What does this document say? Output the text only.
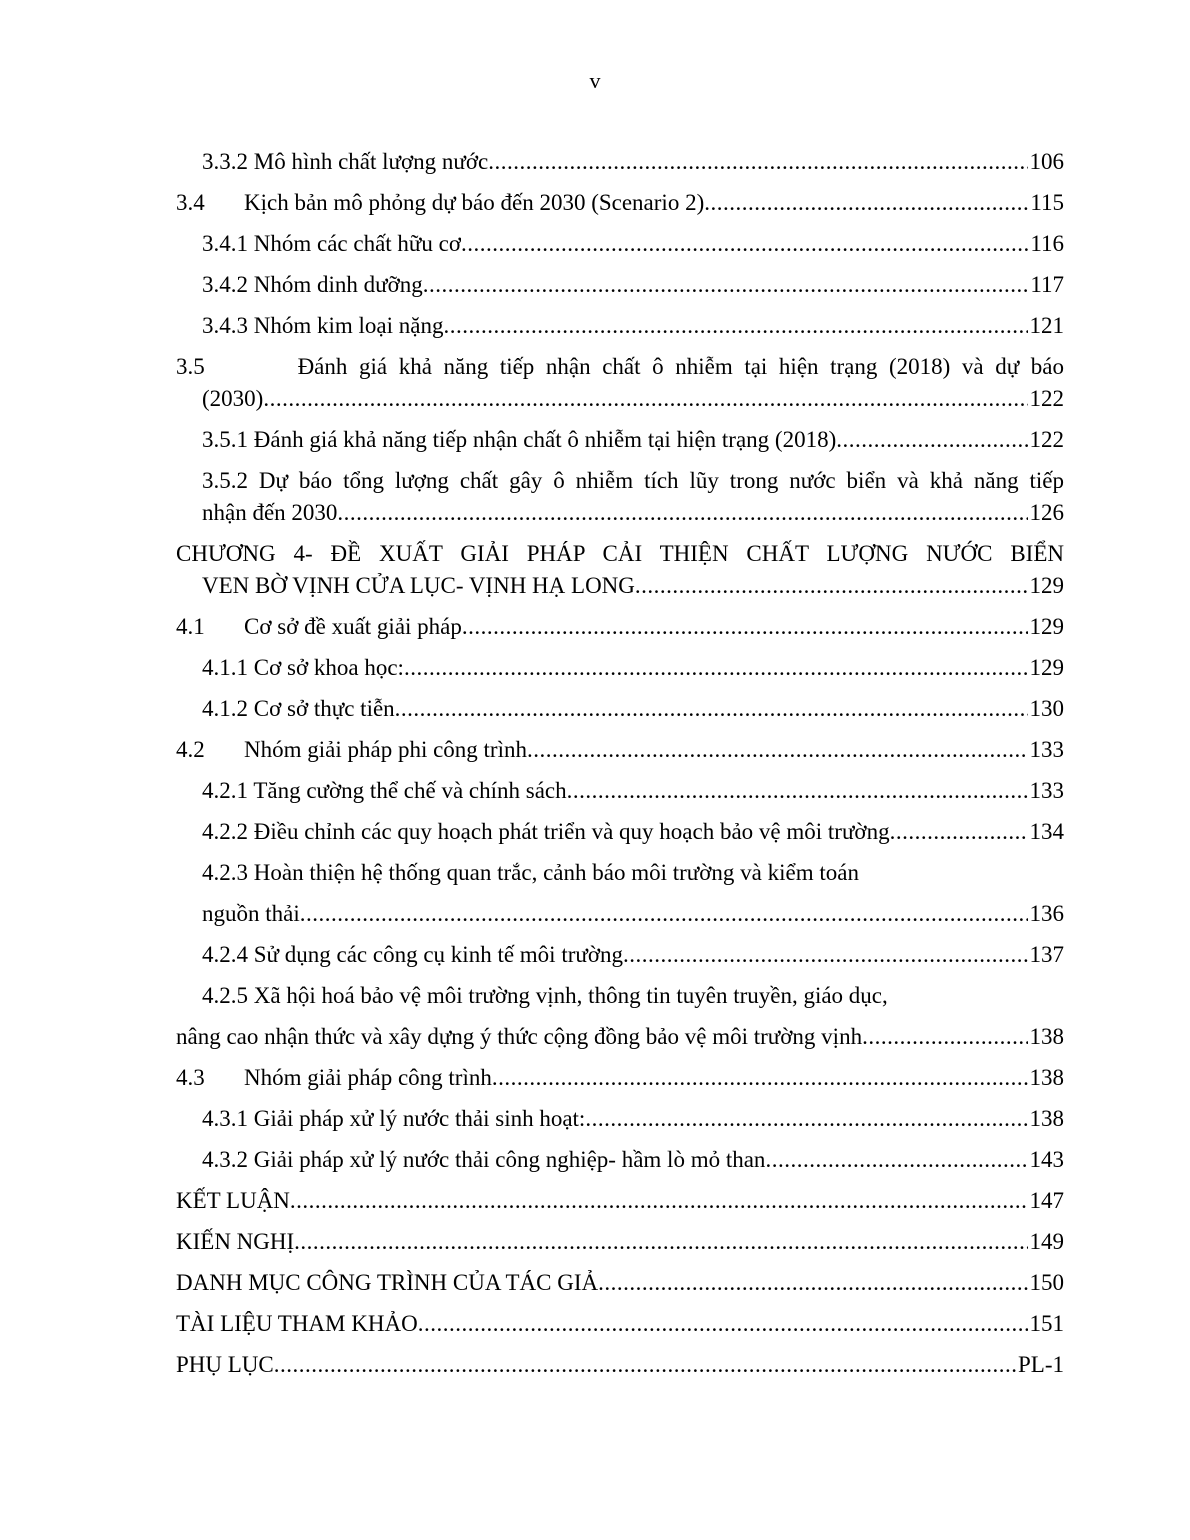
v
3.3.2 Mô hình chất lượng nước .....	106
3.4	Kịch bản mô phỏng dự báo đến 2030 (Scenario 2) .....	115
3.4.1 Nhóm các chất hữu cơ .....	116
3.4.2 Nhóm dinh dưỡng .....	117
3.4.3 Nhóm kim loại nặng .....	121
3.5        Đánh giá khả năng tiếp nhận chất ô nhiễm tại hiện trạng (2018) và dự báo
(2030) .....	122
3.5.1 Đánh giá khả năng tiếp nhận chất ô nhiễm tại hiện trạng (2018) .....	122
3.5.2 Dự báo tổng lượng chất gây ô nhiễm tích lũy trong nước biển và khả năng tiếp
nhận đến 2030 .....	126
CHƯƠNG 4- ĐỀ XUẤT GIẢI PHÁP CẢI THIỆN CHẤT LƯỢNG NƯỚC BIỂN
VEN BỜ VỊNH CỬA LỤC- VỊNH HẠ LONG .....	129
4.1	Cơ sở đề xuất giải pháp .....	129
4.1.1 Cơ sở khoa học: .....	129
4.1.2 Cơ sở thực tiễn .....	130
4.2	Nhóm giải pháp phi công trình .....	133
4.2.1 Tăng cường thể chế và chính sách .....	133
4.2.2 Điều chỉnh các quy hoạch phát triển và quy hoạch bảo vệ môi trường .....	134
4.2.3 Hoàn thiện hệ thống quan trắc, cảnh báo môi trường và kiểm toán
nguồn thải .....	136
4.2.4 Sử dụng các công cụ kinh tế môi trường .....	137
4.2.5 Xã hội hoá bảo vệ môi trường vịnh, thông tin tuyên truyền, giáo dục,
nâng cao nhận thức và xây dựng ý thức cộng đồng bảo vệ môi trường vịnh .....	138
4.3	Nhóm giải pháp công trình .....	138
4.3.1 Giải pháp xử lý nước thải sinh hoạt: .....	138
4.3.2 Giải pháp xử lý nước thải công nghiệp- hầm lò mỏ than .....	143
KẾT LUẬN .....	147
KIẾN NGHỊ .....	149
DANH MỤC CÔNG TRÌNH CỦA TÁC GIẢ .....	150
TÀI LIỆU THAM KHẢO .....	151
PHỤ LỤC .....	PL-1
